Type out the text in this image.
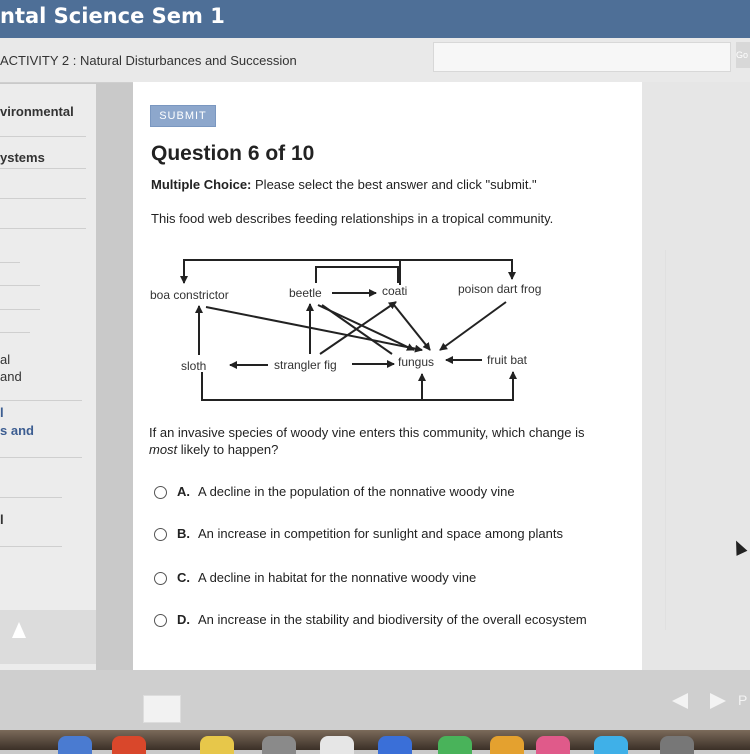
ntal Science Sem 1
ACTIVITY 2 : Natural Disturbances and Succession	Go
vironmental
ystems
al
and
l
s and
l
SUBMIT
Question 6 of 10
Multiple Choice: Please select the best answer and click "submit."
This food web describes feeding relationships in a tropical community.
boa constrictor	beetle	coati	poison dart frog
sloth	strangler fig	fungus	fruit bat
If an invasive species of woody vine enters this community, which change is
most likely to happen?
A. A decline in the population of the nonnative woody vine
B. An increase in competition for sunlight and space among plants
C. A decline in habitat for the nonnative woody vine
D. An increase in the stability and biodiversity of the overall ecosystem
P
